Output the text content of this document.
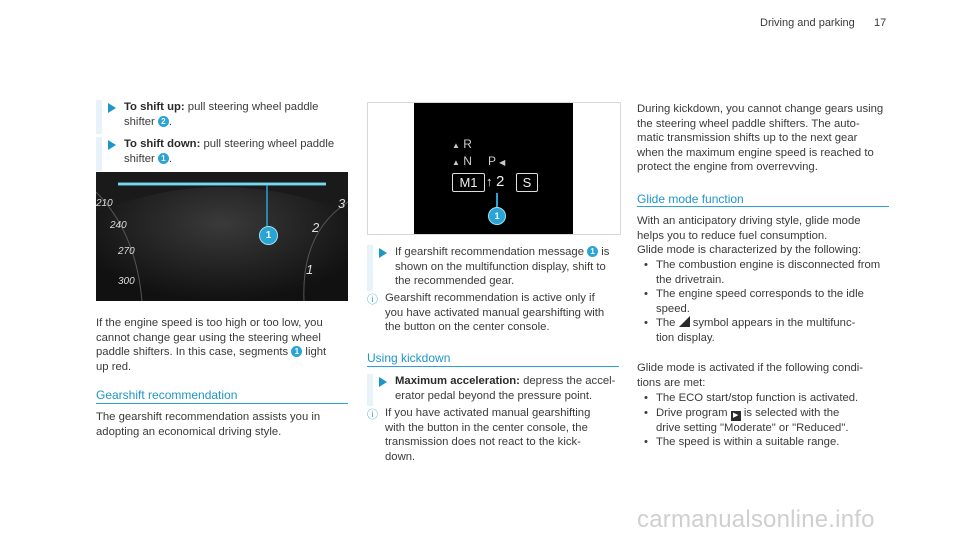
Driving and parking 17
To shift up: pull steering wheel paddle
shifter 2 .
To shift down: pull steering wheel paddle
shifter 1 .
1
210
240
270
300
3
2
1
If the engine speed is too high or too low, you
cannot change gear using the steering wheel
paddle shifters. In this case, segments 1 light
up red.
Gearshift recommendation
The gearshift recommendation assists you in
adopting an economical driving style.
▲ R
▲ N P ◀
M1 ↑ 2	S
1
If gearshift recommendation message 1 is
shown on the multifunction display, shift to
the recommended gear.
ⓘ Gearshift recommendation is active only if
you have activated manual gearshifting with
the button on the center console.
Using kickdown
Maximum acceleration: depress the accel-
erator pedal beyond the pressure point.
ⓘ If you have activated manual gearshifting
with the button in the center console, the
transmission does not react to the kick-
down.
During kickdown, you cannot change gears using
the steering wheel paddle shifters. The auto-
matic transmission shifts up to the next gear
when the maximum engine speed is reached to
protect the engine from overrevving.
Glide mode function
With an anticipatory driving style, glide mode
helps you to reduce fuel consumption.
Glide mode is characterized by the following:
• The combustion engine is disconnected from
the drivetrain.
• The engine speed corresponds to the idle
speed.
• The  symbol appears in the multifunc-
tion display.
Glide mode is activated if the following condi-
tions are met:
• The ECO start/stop function is activated.
• Drive program ▶ is selected with the
drive setting "Moderate" or "Reduced".
• The speed is within a suitable range.
carmanualsonline.info
